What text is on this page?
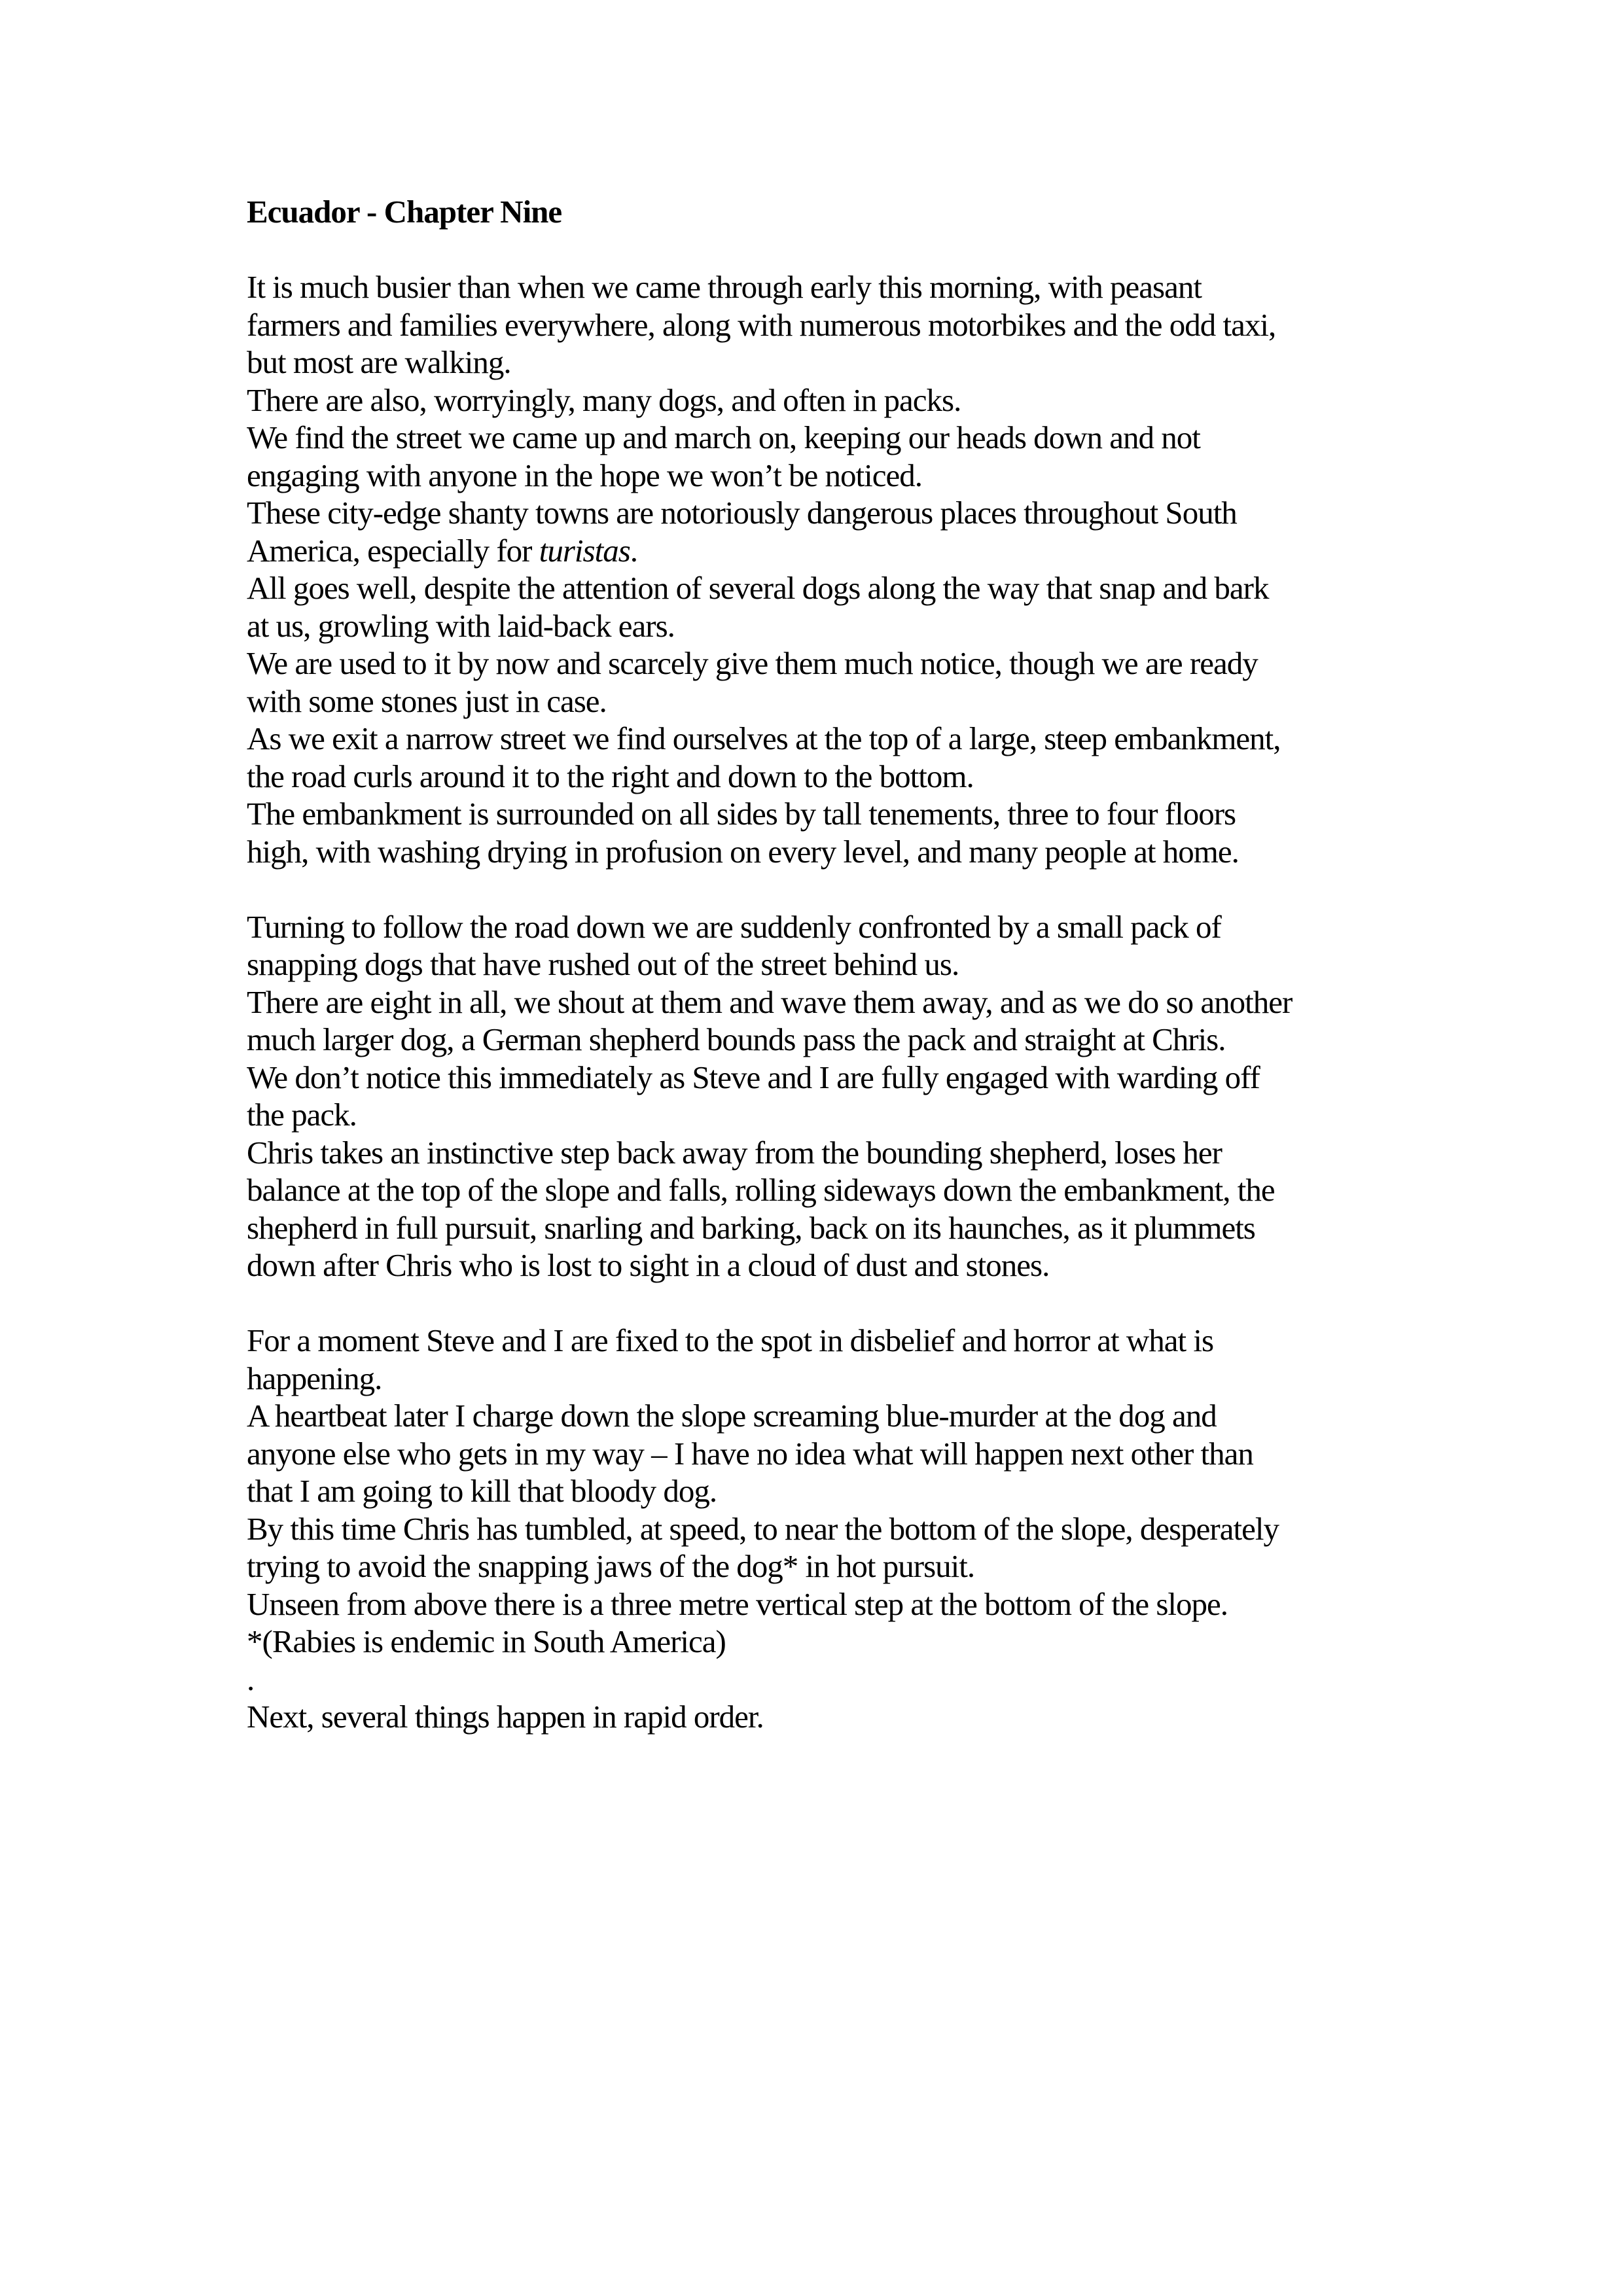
Ecuador - Chapter Nine
It is much busier than when we came through early this morning, with peasant
farmers and families everywhere, along with numerous motorbikes and the odd taxi,
but most are walking.
There are also, worryingly, many dogs, and often in packs.
We find the street we came up and march on, keeping our heads down and not
engaging with anyone in the hope we won’t be noticed.
These city-edge shanty towns are notoriously dangerous places throughout South
America, especially for turistas.
All goes well, despite the attention of several dogs along the way that snap and bark
at us, growling with laid-back ears.
We are used to it by now and scarcely give them much notice, though we are ready
with some stones just in case.
As we exit a narrow street we find ourselves at the top of a large, steep embankment,
the road curls around it to the right and down to the bottom.
The embankment is surrounded on all sides by tall tenements, three to four floors
high, with washing drying in profusion on every level, and many people at home.

Turning to follow the road down we are suddenly confronted by a small pack of
snapping dogs that have rushed out of the street behind us.
There are eight in all, we shout at them and wave them away, and as we do so another
much larger dog, a German shepherd bounds pass the pack and straight at Chris.
We don’t notice this immediately as Steve and I are fully engaged with warding off
the pack.
Chris takes an instinctive step back away from the bounding shepherd, loses her
balance at the top of the slope and falls, rolling sideways down the embankment, the
shepherd in full pursuit, snarling and barking, back on its haunches, as it plummets
down after Chris who is lost to sight in a cloud of dust and stones.

For a moment Steve and I are fixed to the spot in disbelief and horror at what is
happening.
A heartbeat later I charge down the slope screaming blue-murder at the dog and
anyone else who gets in my way – I have no idea what will happen next other than
that I am going to kill that bloody dog.
By this time Chris has tumbled, at speed, to near the bottom of the slope, desperately
trying to avoid the snapping jaws of the dog* in hot pursuit.
Unseen from above there is a three metre vertical step at the bottom of the slope.
*(Rabies is endemic in South America)
.
Next, several things happen in rapid order.
